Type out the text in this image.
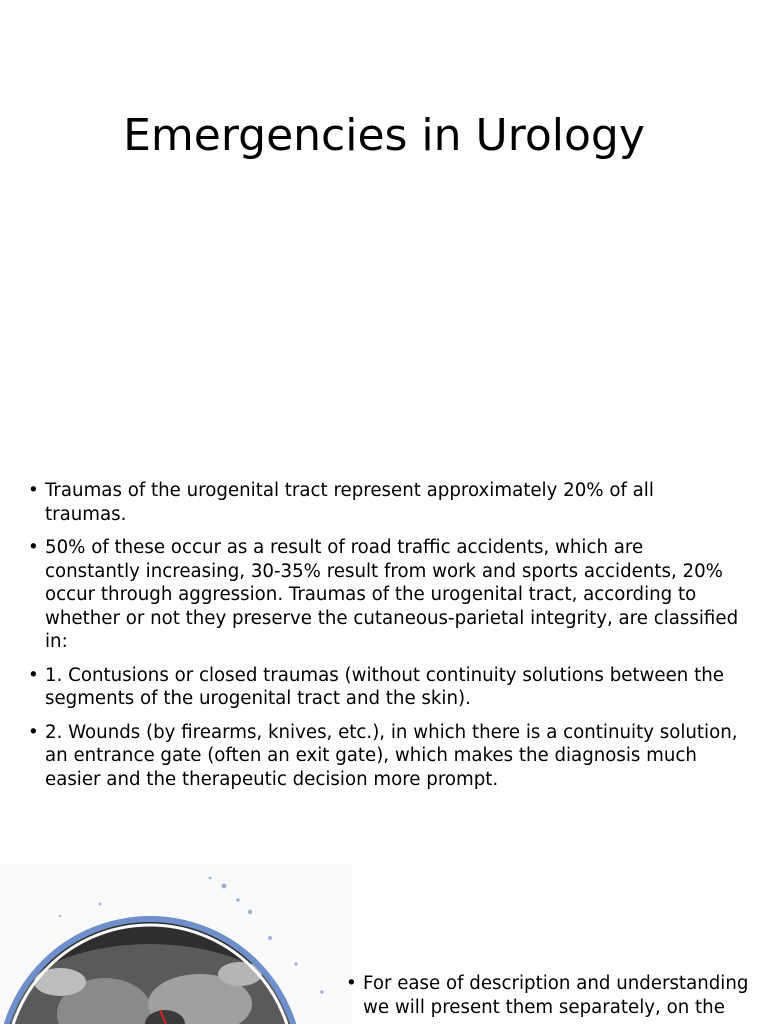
Emergencies in Urology
• Traumas of the urogenital tract represent approximately 20% of all traumas.
• 50% of these occur as a result of road traffic accidents, which are constantly increasing, 30-35% result from work and sports accidents, 20% occur through aggression. Traumas of the urogenital tract, according to whether or not they preserve the cutaneous-parietal integrity, are classified in:
• 1. Contusions or closed traumas (without continuity solutions between the segments of the urogenital tract and the skin).
• 2. Wounds (by firearms, knives, etc.), in which there is a continuity solution, an entrance gate (often an exit gate), which makes the diagnosis much easier and the therapeutic decision more prompt.
• For ease of description and understanding we will present them separately, on the
